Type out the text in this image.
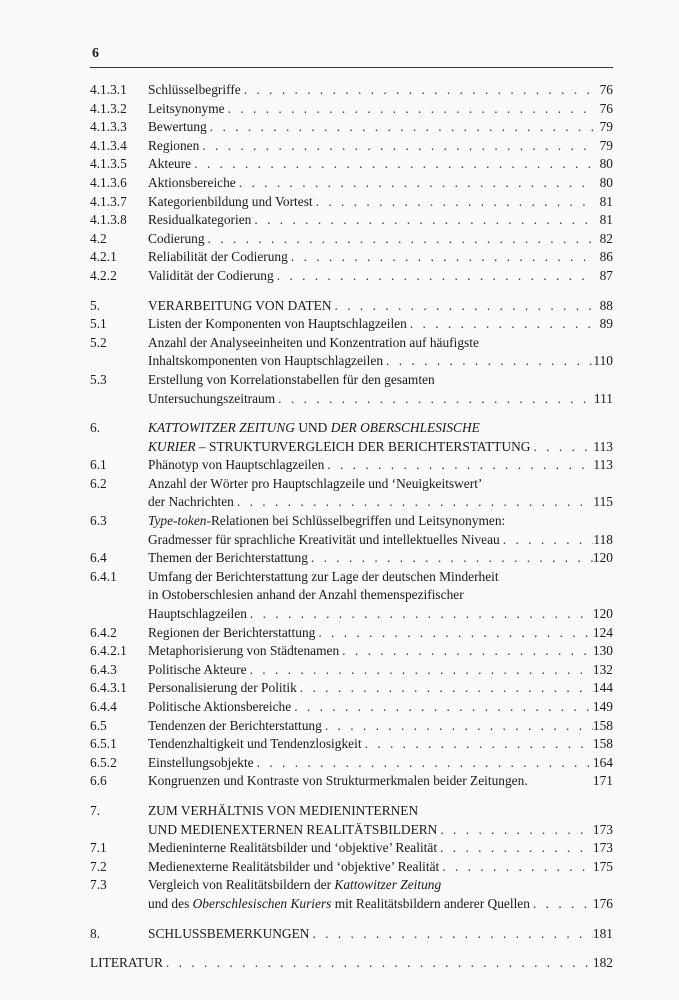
6
4.1.3.1	Schlüsselbegriffe . . .	76
4.1.3.2	Leitsynonyme . . .	76
4.1.3.3	Bewertung . . .	79
4.1.3.4	Regionen . . .	79
4.1.3.5	Akteure . . .	80
4.1.3.6	Aktionsbereiche . . .	80
4.1.3.7	Kategorienbildung und Vortest . . .	81
4.1.3.8	Residualkategorien . . .	81
4.2	Codierung . . .	82
4.2.1	Reliabilität der Codierung . . .	86
4.2.2	Validität der Codierung . . .	87
5.	VERARBEITUNG VON DATEN . . .	88
5.1	Listen der Komponenten von Hauptschlagzeilen . . .	89
5.2	Anzahl der Analyseeinheiten und Konzentration auf häufigste
Inhaltskomponenten von Hauptschlagzeilen . . .	110
5.3	Erstellung von Korrelationstabellen für den gesamten
Untersuchungszeitraum . . .	111
6.	KATTOWITZER ZEITUNG UND DER OBERSCHLESISCHE
KURIER – STRUKTURVERGLEICH DER BERICHTERSTATTUNG . . .	113
6.1	Phänotyp von Hauptschlagzeilen . . .	113
6.2	Anzahl der Wörter pro Hauptschlagzeile und ‘Neuigkeitswert’
der Nachrichten . . .	115
6.3	Type-token-Relationen bei Schlüsselbegriffen und Leitsynonymen:
Gradmesser für sprachliche Kreativität und intellektuelles Niveau . . .	118
6.4	Themen der Berichterstattung . . .	120
6.4.1	Umfang der Berichterstattung zur Lage der deutschen Minderheit
in Ostoberschlesien anhand der Anzahl themenspezifischer
Hauptschlagzeilen . . .	120
6.4.2	Regionen der Berichterstattung . . .	124
6.4.2.1	Metaphorisierung von Städtenamen . . .	130
6.4.3	Politische Akteure . . .	132
6.4.3.1	Personalisierung der Politik . . .	144
6.4.4	Politische Aktionsbereiche . . .	149
6.5	Tendenzen der Berichterstattung . . .	158
6.5.1	Tendenzhaltigkeit und Tendenzlosigkeit . . .	158
6.5.2	Einstellungsobjekte . . .	164
6.6	Kongruenzen und Kontraste von Strukturmerkmalen beider Zeitungen.	171
7.	ZUM VERHÄLTNIS VON MEDIENINTERNEN
UND MEDIENEXTERNEN REALITÄTSBILDERN . . .	173
7.1	Medieninterne Realitätsbilder und ‘objektive’ Realität . . .	173
7.2	Medienexterne Realitätsbilder und ‘objektive’ Realität . . .	175
7.3	Vergleich von Realitätsbildern der Kattowitzer Zeitung
und des Oberschlesischen Kuriers mit Realitätsbildern anderer Quellen . . .	176
8.	SCHLUSSBEMERKUNGEN . . .	181
LITERATUR . . .	182
